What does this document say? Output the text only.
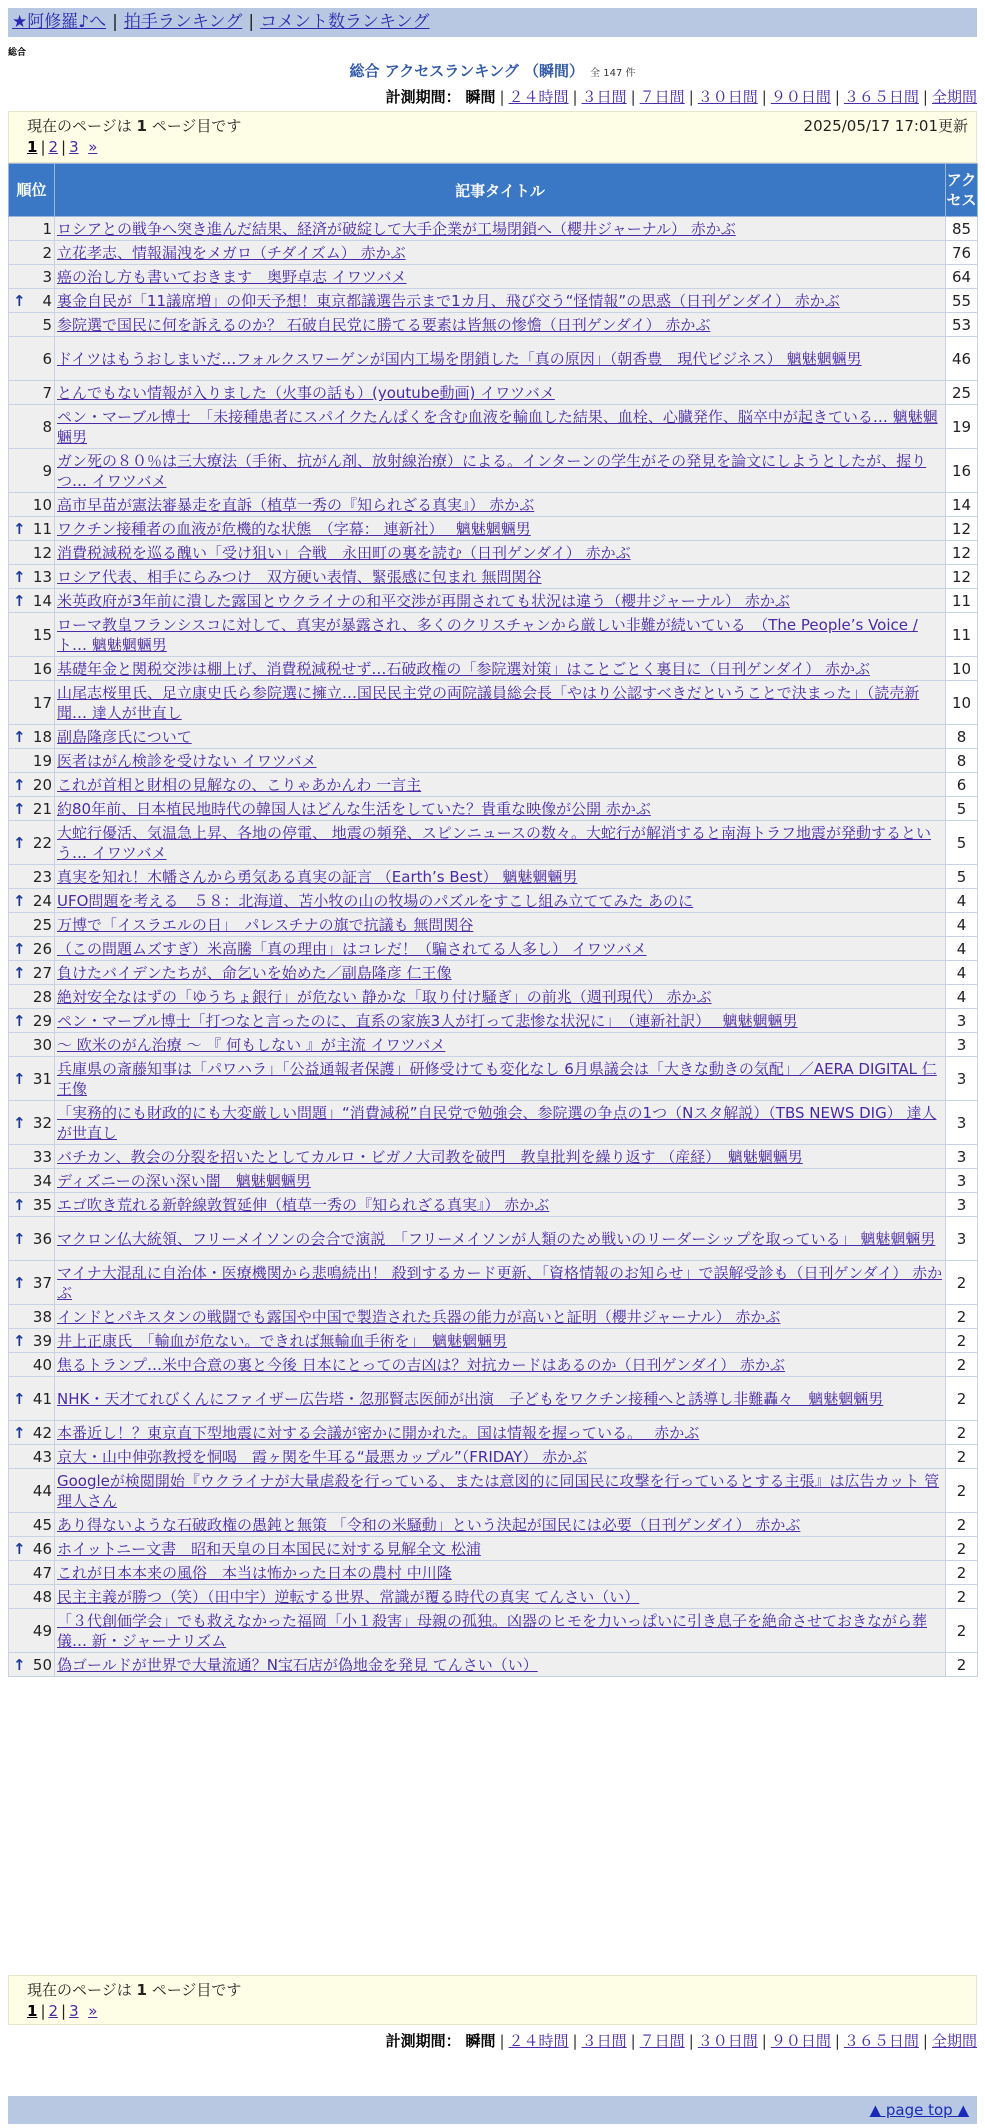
★阿修羅♪へ | 拍手ランキング | コメント数ランキング
総合
総合 アクセスランキング （瞬間） 全 147 件
計測期間： 瞬間 | ２４時間 | ３日間 | ７日間 | ３０日間 | ９０日間 | ３６５日間 | 全期間
現在のページは 1 ページ目です	2025/05/17 17:01更新
1 | 2 | 3 »
順位	記事タイトル	アクセス
1	ロシアとの戦争へ突き進んだ結果、経済が破綻して大手企業が工場閉鎖へ（櫻井ジャーナル） 赤かぶ	85
2	立花孝志、情報漏洩をメガロ（チダイズム） 赤かぶ	76
3	癌の治し方も書いておきます　奥野卓志 イワツバメ	64

↑ 4	裏金自民が「11議席増」の仰天予想！東京都議選告示まで1カ月、飛び交う“怪情報”の思惑（日刊ゲンダイ） 赤かぶ	55
5	参院選で国民に何を訴えるのか？ 石破自民党に勝てる要素は皆無の惨憺（日刊ゲンダイ） 赤かぶ	53
6	ドイツはもうおしまいだ…フォルクスワーゲンが国内工場を閉鎖した「真の原因」（朝香豊　現代ビジネス） 魑魅魍魎男	46
7	とんでもない情報が入りました（火事の話も）(youtube動画) イワツバメ	25
8	ペン・マーブル博士　「未接種患者にスパイクたんぱくを含む血液を輸血した結果、血栓、心臓発作、脳卒中が起きている… 魑魅魍魎男	19
9	ガン死の８０％は三大療法（手術、抗がん剤、放射線治療）による。インターンの学生がその発見を論文にしようとしたが、握りつ… イワツバメ	16
10	高市早苗が憲法審暴走を直訴（植草一秀の『知られざる真実』） 赤かぶ	14

↑ 11	ワクチン接種者の血液が危機的な状態　（字幕： 連新社）　 魑魅魍魎男	12
12	消費税減税を巡る醜い「受け狙い」合戦　永田町の裏を読む（日刊ゲンダイ） 赤かぶ	12

↑ 13	ロシア代表、相手にらみつけ　双方硬い表情、緊張感に包まれ 無問関谷	12

↑ 14	米英政府が3年前に潰した露国とウクライナの和平交渉が再開されても状況は違う（櫻井ジャーナル） 赤かぶ	11
15	ローマ教皇フランシスコに対して、真実が暴露され、多くのクリスチャンから厳しい非難が続いている　（The People’s Voice / ト… 魑魅魍魎男	11
16	基礎年金と関税交渉は棚上げ、消費税減税せず…石破政権の「参院選対策」はことごとく裏目に（日刊ゲンダイ） 赤かぶ	10
17	山尾志桜里氏、足立康史氏ら参院選に擁立…国民民主党の両院議員総会長「やはり公認すべきだということで決まった」（読売新聞… 達人が世直し	10

↑ 18	副島隆彦氏について	8
19	医者はがん検診を受けない イワツバメ	8

↑ 20	これが首相と財相の見解なの、こりゃあかんわ 一言主	6

↑ 21	約80年前、日本植民地時代の韓国人はどんな生活をしていた？貴重な映像が公開 赤かぶ	5

↑ 22	大蛇行優活、気温急上昇、各地の停電、 地震の頻発、スピンニュースの数々。大蛇行が解消すると南海トラフ地震が発動するという… イワツバメ	5
23	真実を知れ！木幡さんから勇気ある真実の証言 （Earth’s Best） 魑魅魍魎男	5

↑ 24	UFO問題を考える　５８：北海道、苫小牧の山の牧場のパズルをすこし組み立ててみた あのに	4
25	万博で「イスラエルの日」　パレスチナの旗で抗議も 無問関谷	4

↑ 26	（この問題ムズすぎ）米高騰「真の理由」はコレだ！（騙されてる人多し） イワツバメ	4

↑ 27	負けたバイデンたちが、命乞いを始めた／副島隆彦 仁王像	4
28	絶対安全なはずの「ゆうちょ銀行」が危ない 静かな「取り付け騒ぎ」の前兆（週刊現代） 赤かぶ	4

↑ 29	ペン・マーブル博士「打つなと言ったのに、直系の家族3人が打って悲惨な状況に」　（連新社訳）　 魑魅魍魎男	3
30	～ 欧米のがん治療 ～ 『 何もしない 』が主流 イワツバメ	3

↑ 31	兵庫県の斎藤知事は「パワハラ」「公益通報者保護」研修受けても変化なし 6月県議会は「大きな動きの気配」／AERA DIGITAL 仁王像	3

↑ 32	「実務的にも財政的にも大変厳しい問題」“消費減税”自民党で勉強会、参院選の争点の1つ（Nスタ解説）（TBS NEWS DIG） 達人が世直し	3
33	バチカン、教会の分裂を招いたとしてカルロ・ビガノ大司教を破門　教皇批判を繰り返す （産経）　魑魅魍魎男	3
34	ディズニーの深い深い闇　魑魅魍魎男	3

↑ 35	エゴ吹き荒れる新幹線敦賀延伸（植草一秀の『知られざる真実』） 赤かぶ	3

↑ 36	マクロン仏大統領、フリーメイソンの会合で演説　「フリーメイソンが人類のため戦いのリーダーシップを取っている」 魑魅魍魎男	3

↑ 37	マイナ大混乱に自治体・医療機関から悲鳴続出！ 殺到するカード更新、「資格情報のお知らせ」で誤解受診も（日刊ゲンダイ） 赤かぶ	2
38	インドとパキスタンの戦闘でも露国や中国で製造された兵器の能力が高いと証明（櫻井ジャーナル） 赤かぶ	2

↑ 39	井上正康氏　「輸血が危ない。できれば無輸血手術を」　魑魅魍魎男	2
40	焦るトランプ…米中合意の裏と今後 日本にとっての吉凶は？対抗カードはあるのか（日刊ゲンダイ） 赤かぶ	2

↑ 41	NHK・天才てれびくんにファイザー広告塔・忽那賢志医師が出演　子どもをワクチン接種へと誘導し非難轟々　魑魅魍魎男	2

↑ 42	本番近し！？東京直下型地震に対する会議が密かに開かれた。国は情報を握っている。　 赤かぶ	2
43	京大・山中伸弥教授を恫喝　霞ヶ関を牛耳る“最悪カップル”（FRIDAY） 赤かぶ	2
44	Googleが検閲開始『ウクライナが大量虐殺を行っている、または意図的に同国民に攻撃を行っているとする主張』は広告カット 管理人さん	2
45	あり得ないような石破政権の愚鈍と無策 「令和の米騒動」という決起が国民には必要（日刊ゲンダイ） 赤かぶ	2

↑ 46	ホイットニー文書　昭和天皇の日本国民に対する見解全文 松浦	2
47	これが日本本来の風俗　本当は怖かった日本の農村 中川隆	2
48	民主主義が勝つ（笑）（田中宇）逆転する世界、常識が覆る時代の真実 てんさい（い）	2
49	「３代創価学会」でも救えなかった福岡「小１殺害」母親の孤独。凶器のヒモを力いっぱいに引き息子を絶命させておきながら葬儀… 新・ジャーナリズム	2

↑ 50	偽ゴールドが世界で大量流通？N宝石店が偽地金を発見 てんさい（い）	2
現在のページは 1 ページ目です
1 | 2 | 3 »
計測期間： 瞬間 | ２４時間 | ３日間 | ７日間 | ３０日間 | ９０日間 | ３６５日間 | 全期間
▲ page top ▲
